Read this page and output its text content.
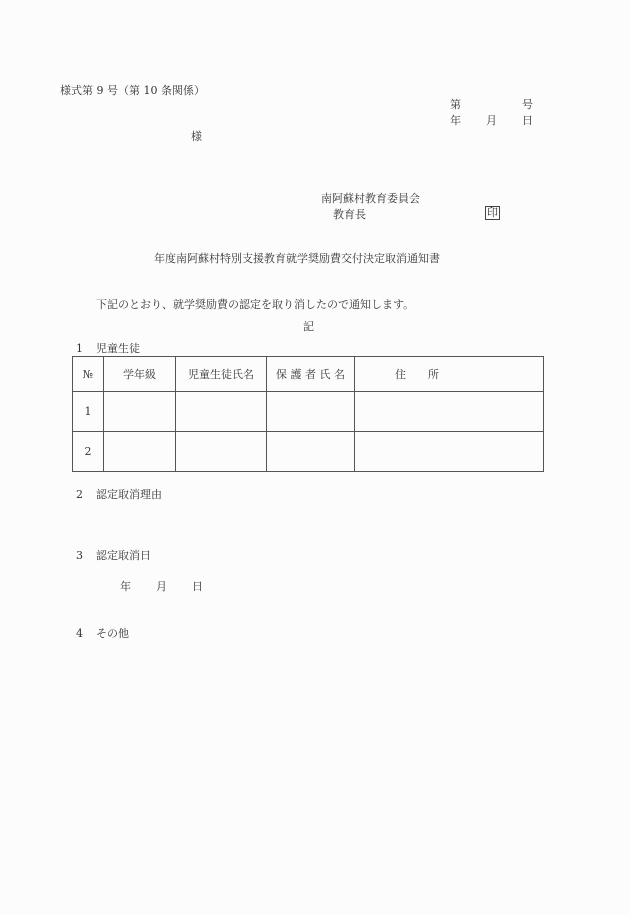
様式第 9 号（第 10 条関係）
第	号
年 月 日
様
南阿蘇村教育委員会
教育長	印
年度南阿蘇村特別支援教育就学奨励費交付決定取消通知書
下記のとおり、就学奨励費の認定を取り消したので通知します。
記
1 児童生徒
№	学年級	児童生徒氏名	保 護 者 氏 名	住　　所
1				
2				
2 認定取消理由
3 認定取消日
年 月 日
4 その他
